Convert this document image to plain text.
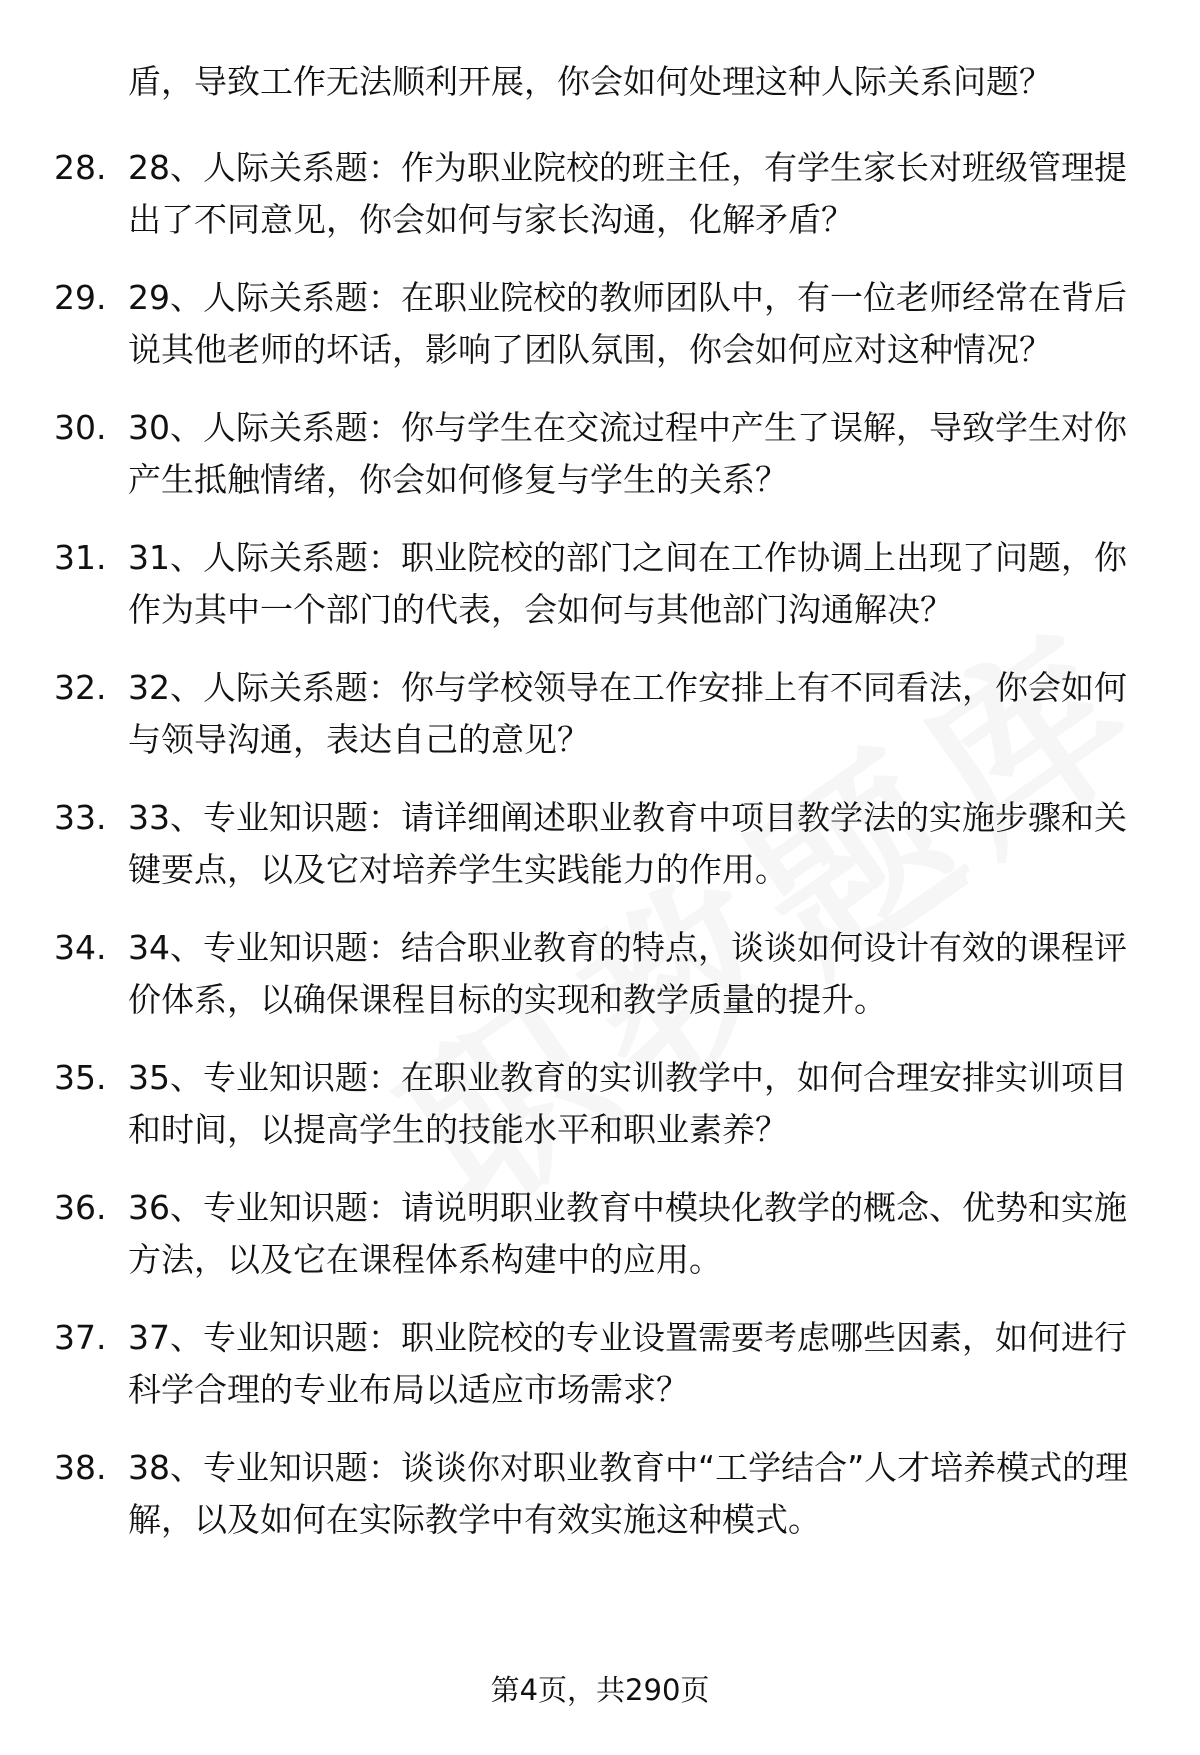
盾，导致工作无法顺利开展，你会如何处理这种人际关系问题？

28. 28、人际关系题：作为职业院校的班主任，有学生家长对班级管理提出了不同意见，你会如何与家长沟通，化解矛盾？
29. 29、人际关系题：在职业院校的教师团队中，有一位老师经常在背后说其他老师的坏话，影响了团队氛围，你会如何应对这种情况？
30. 30、人际关系题：你与学生在交流过程中产生了误解，导致学生对你产生抵触情绪，你会如何修复与学生的关系？
31. 31、人际关系题：职业院校的部门之间在工作协调上出现了问题，你作为其中一个部门的代表，会如何与其他部门沟通解决？
32. 32、人际关系题：你与学校领导在工作安排上有不同看法，你会如何与领导沟通，表达自己的意见？
33. 33、专业知识题：请详细阐述职业教育中项目教学法的实施步骤和关键要点，以及它对培养学生实践能力的作用。
34. 34、专业知识题：结合职业教育的特点，谈谈如何设计有效的课程评价体系，以确保课程目标的实现和教学质量的提升。
35. 35、专业知识题：在职业教育的实训教学中，如何合理安排实训项目和时间，以提高学生的技能水平和职业素养？
36. 36、专业知识题：请说明职业教育中模块化教学的概念、优势和实施方法，以及它在课程体系构建中的应用。
37. 37、专业知识题：职业院校的专业设置需要考虑哪些因素，如何进行科学合理的专业布局以适应市场需求？
38. 38、专业知识题：谈谈你对职业教育中“工学结合”人才培养模式的理解，以及如何在实际教学中有效实施这种模式。
第4页，共290页
